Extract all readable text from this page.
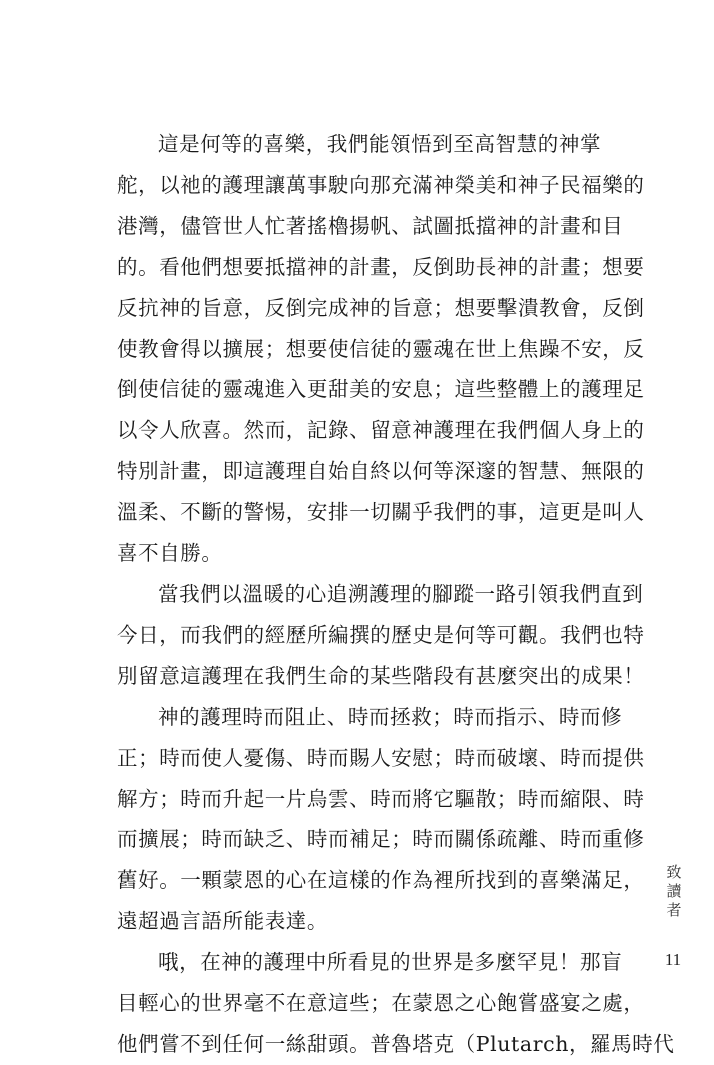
這是何等的喜樂，我們能領悟到至高智慧的神掌
舵，以祂的護理讓萬事駛向那充滿神榮美和神子民福樂的
港灣，儘管世人忙著搖櫓揚帆、試圖抵擋神的計畫和目
的。看他們想要抵擋神的計畫，反倒助長神的計畫；想要
反抗神的旨意，反倒完成神的旨意；想要擊潰教會，反倒
使教會得以擴展；想要使信徒的靈魂在世上焦躁不安，反
倒使信徒的靈魂進入更甜美的安息；這些整體上的護理足
以令人欣喜。然而，記錄、留意神護理在我們個人身上的
特別計畫，即這護理自始自終以何等深邃的智慧、無限的
溫柔、不斷的警惕，安排一切關乎我們的事，這更是叫人
喜不自勝。

當我們以溫暖的心追溯護理的腳蹤一路引領我們直到
今日，而我們的經歷所編撰的歷史是何等可觀。我們也特
別留意這護理在我們生命的某些階段有甚麼突出的成果！

神的護理時而阻止、時而拯救；時而指示、時而修
正；時而使人憂傷、時而賜人安慰；時而破壞、時而提供
解方；時而升起一片烏雲、時而將它驅散；時而縮限、時
而擴展；時而缺乏、時而補足；時而關係疏離、時而重修
舊好。一顆蒙恩的心在這樣的作為裡所找到的喜樂滿足，
遠超過言語所能表達。

哦，在神的護理中所看見的世界是多麼罕見！那盲
目輕心的世界毫不在意這些；在蒙恩之心飽嘗盛宴之處，
他們嘗不到任何一絲甜頭。普魯塔克（Plutarch，羅馬時代

致
讀
者
11
